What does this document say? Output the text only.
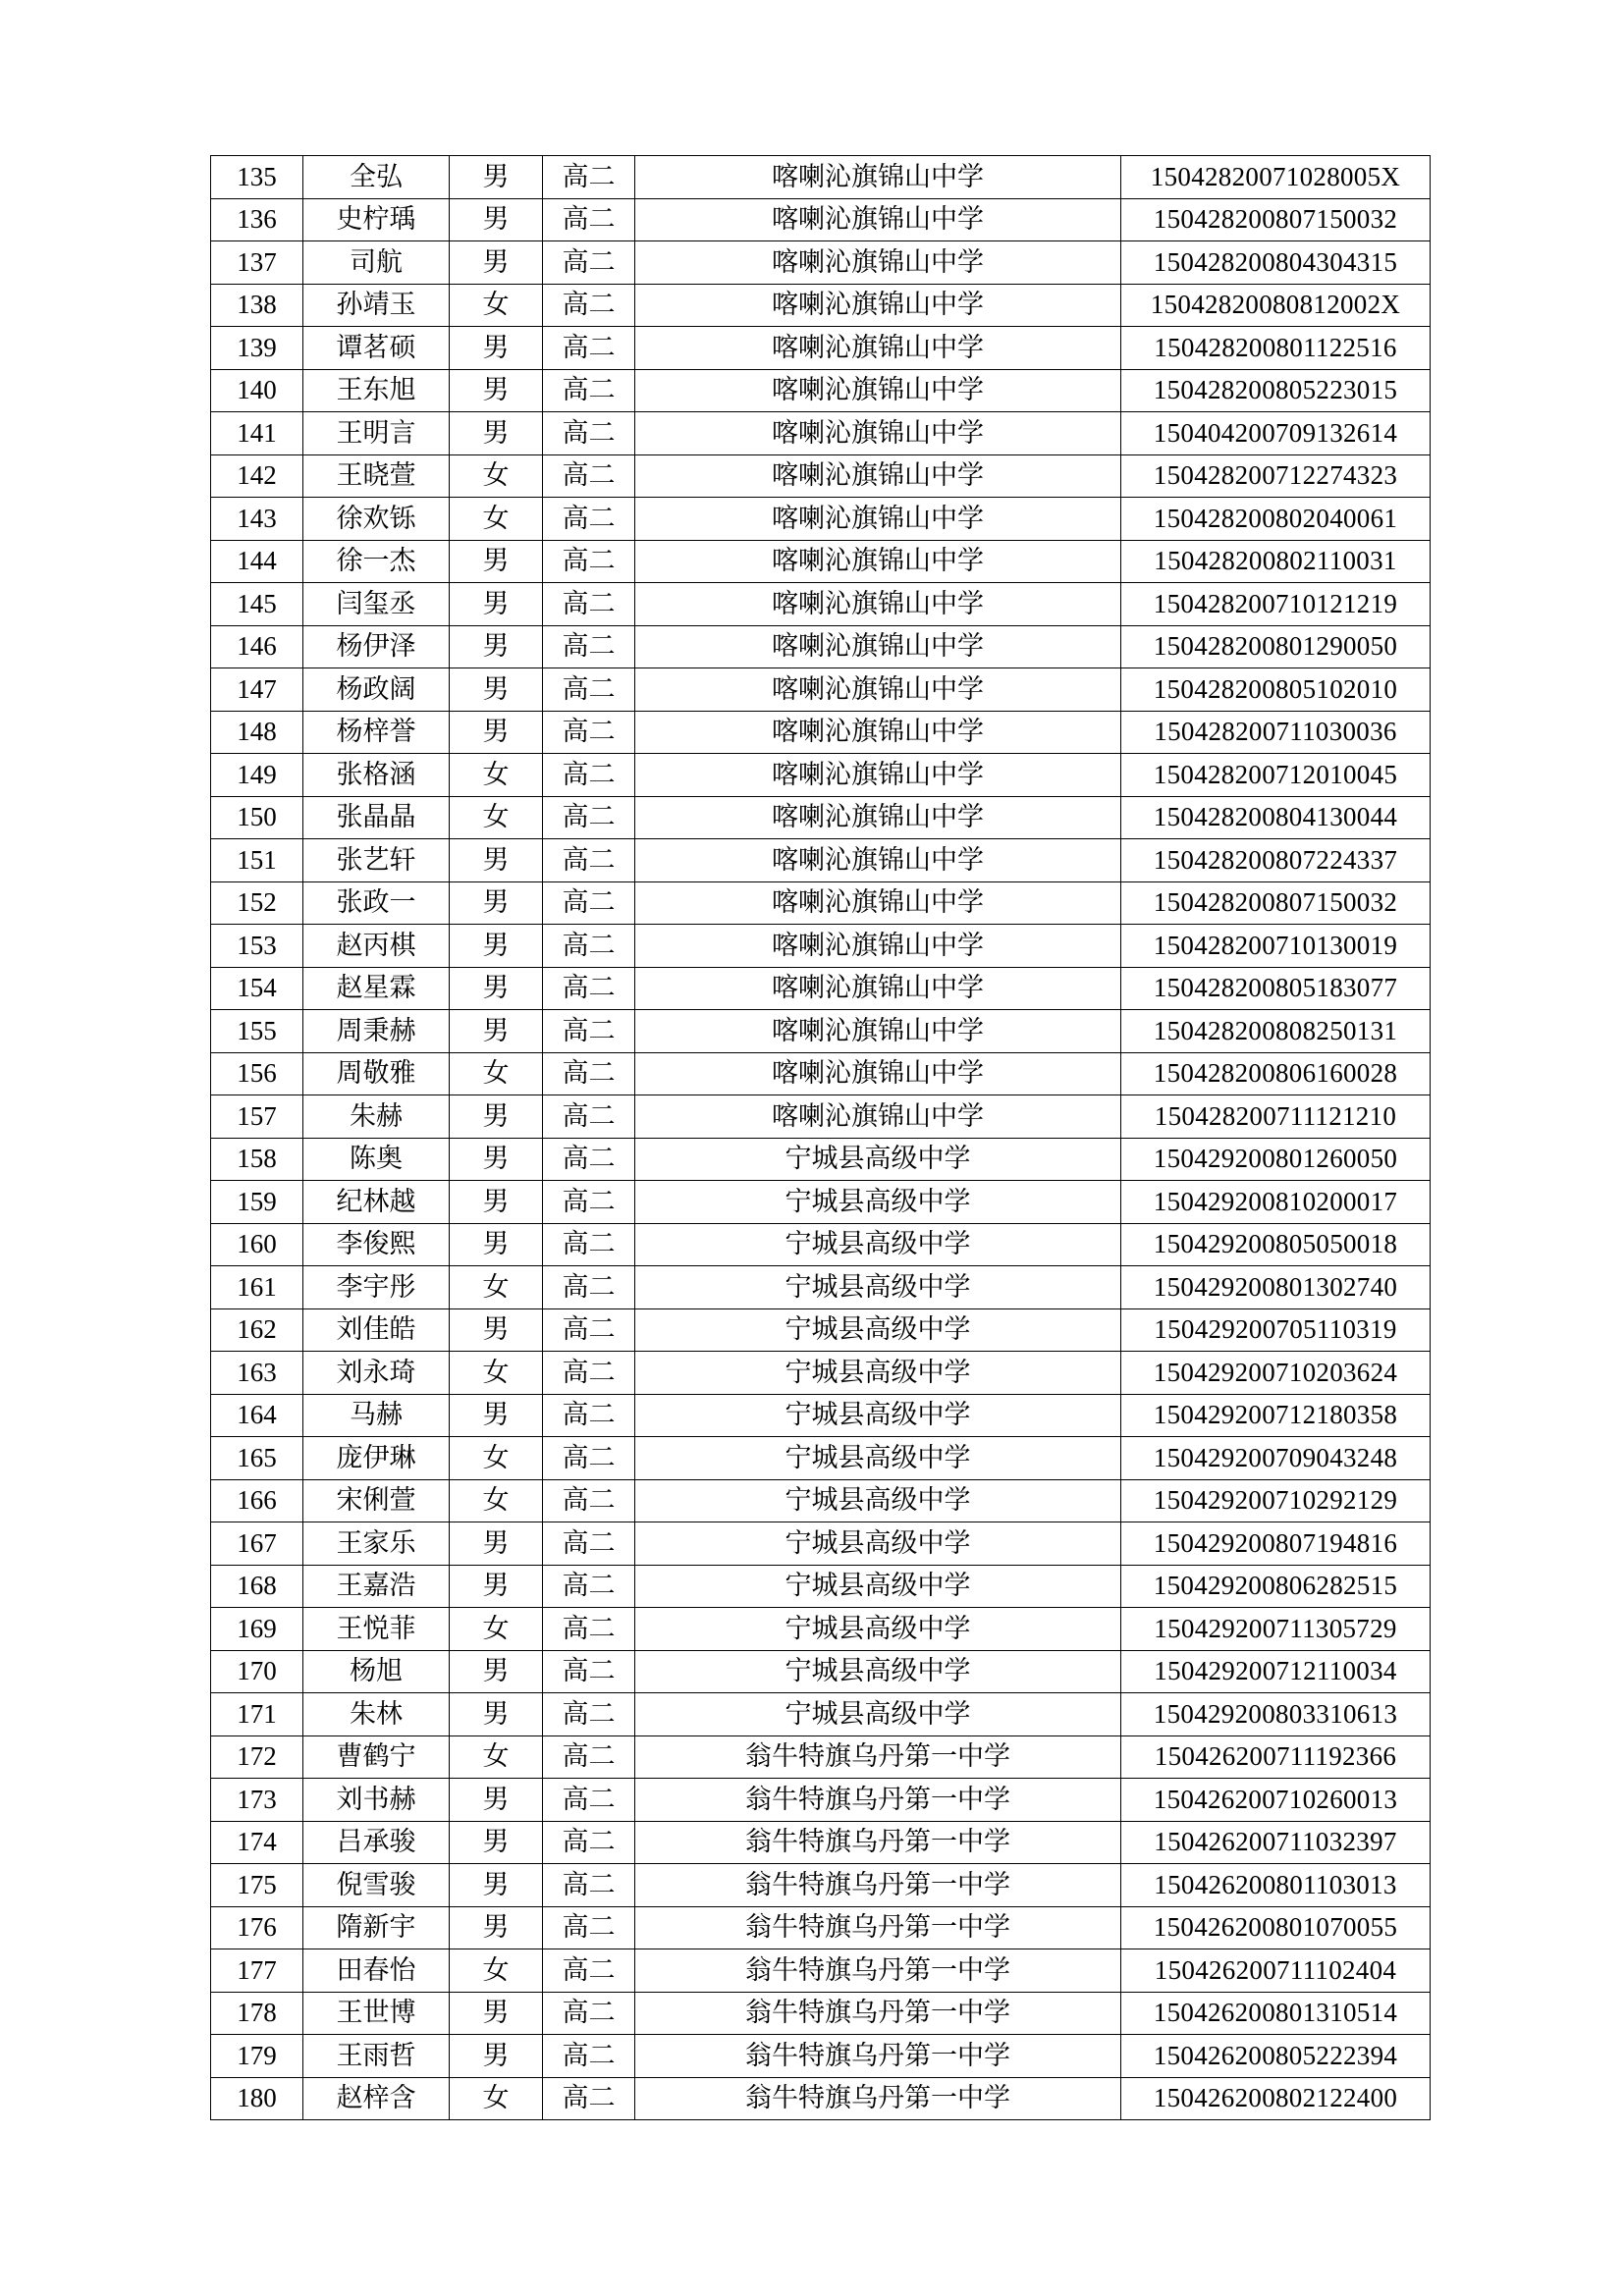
135	全弘	男	高二	喀喇沁旗锦山中学	15042820071028005X
136	史柠瑀	男	高二	喀喇沁旗锦山中学	150428200807150032
137	司航	男	高二	喀喇沁旗锦山中学	150428200804304315
138	孙靖玉	女	高二	喀喇沁旗锦山中学	15042820080812002X
139	谭茗硕	男	高二	喀喇沁旗锦山中学	150428200801122516
140	王东旭	男	高二	喀喇沁旗锦山中学	150428200805223015
141	王明言	男	高二	喀喇沁旗锦山中学	150404200709132614
142	王晓萱	女	高二	喀喇沁旗锦山中学	150428200712274323
143	徐欢铄	女	高二	喀喇沁旗锦山中学	150428200802040061
144	徐一杰	男	高二	喀喇沁旗锦山中学	150428200802110031
145	闫玺丞	男	高二	喀喇沁旗锦山中学	150428200710121219
146	杨伊泽	男	高二	喀喇沁旗锦山中学	150428200801290050
147	杨政阔	男	高二	喀喇沁旗锦山中学	150428200805102010
148	杨梓誉	男	高二	喀喇沁旗锦山中学	150428200711030036
149	张格涵	女	高二	喀喇沁旗锦山中学	150428200712010045
150	张晶晶	女	高二	喀喇沁旗锦山中学	150428200804130044
151	张艺轩	男	高二	喀喇沁旗锦山中学	150428200807224337
152	张政一	男	高二	喀喇沁旗锦山中学	150428200807150032
153	赵丙棋	男	高二	喀喇沁旗锦山中学	150428200710130019
154	赵星霖	男	高二	喀喇沁旗锦山中学	150428200805183077
155	周秉赫	男	高二	喀喇沁旗锦山中学	150428200808250131
156	周敬雅	女	高二	喀喇沁旗锦山中学	150428200806160028
157	朱赫	男	高二	喀喇沁旗锦山中学	150428200711121210
158	陈奥	男	高二	宁城县高级中学	150429200801260050
159	纪林越	男	高二	宁城县高级中学	150429200810200017
160	李俊熙	男	高二	宁城县高级中学	150429200805050018
161	李宇彤	女	高二	宁城县高级中学	150429200801302740
162	刘佳皓	男	高二	宁城县高级中学	150429200705110319
163	刘永琦	女	高二	宁城县高级中学	150429200710203624
164	马赫	男	高二	宁城县高级中学	150429200712180358
165	庞伊琳	女	高二	宁城县高级中学	150429200709043248
166	宋俐萱	女	高二	宁城县高级中学	150429200710292129
167	王家乐	男	高二	宁城县高级中学	150429200807194816
168	王嘉浩	男	高二	宁城县高级中学	150429200806282515
169	王悦菲	女	高二	宁城县高级中学	150429200711305729
170	杨旭	男	高二	宁城县高级中学	150429200712110034
171	朱林	男	高二	宁城县高级中学	150429200803310613
172	曹鹤宁	女	高二	翁牛特旗乌丹第一中学	150426200711192366
173	刘书赫	男	高二	翁牛特旗乌丹第一中学	150426200710260013
174	吕承骏	男	高二	翁牛特旗乌丹第一中学	150426200711032397
175	倪雪骏	男	高二	翁牛特旗乌丹第一中学	150426200801103013
176	隋新宇	男	高二	翁牛特旗乌丹第一中学	150426200801070055
177	田春怡	女	高二	翁牛特旗乌丹第一中学	150426200711102404
178	王世博	男	高二	翁牛特旗乌丹第一中学	150426200801310514
179	王雨哲	男	高二	翁牛特旗乌丹第一中学	150426200805222394
180	赵梓含	女	高二	翁牛特旗乌丹第一中学	150426200802122400
